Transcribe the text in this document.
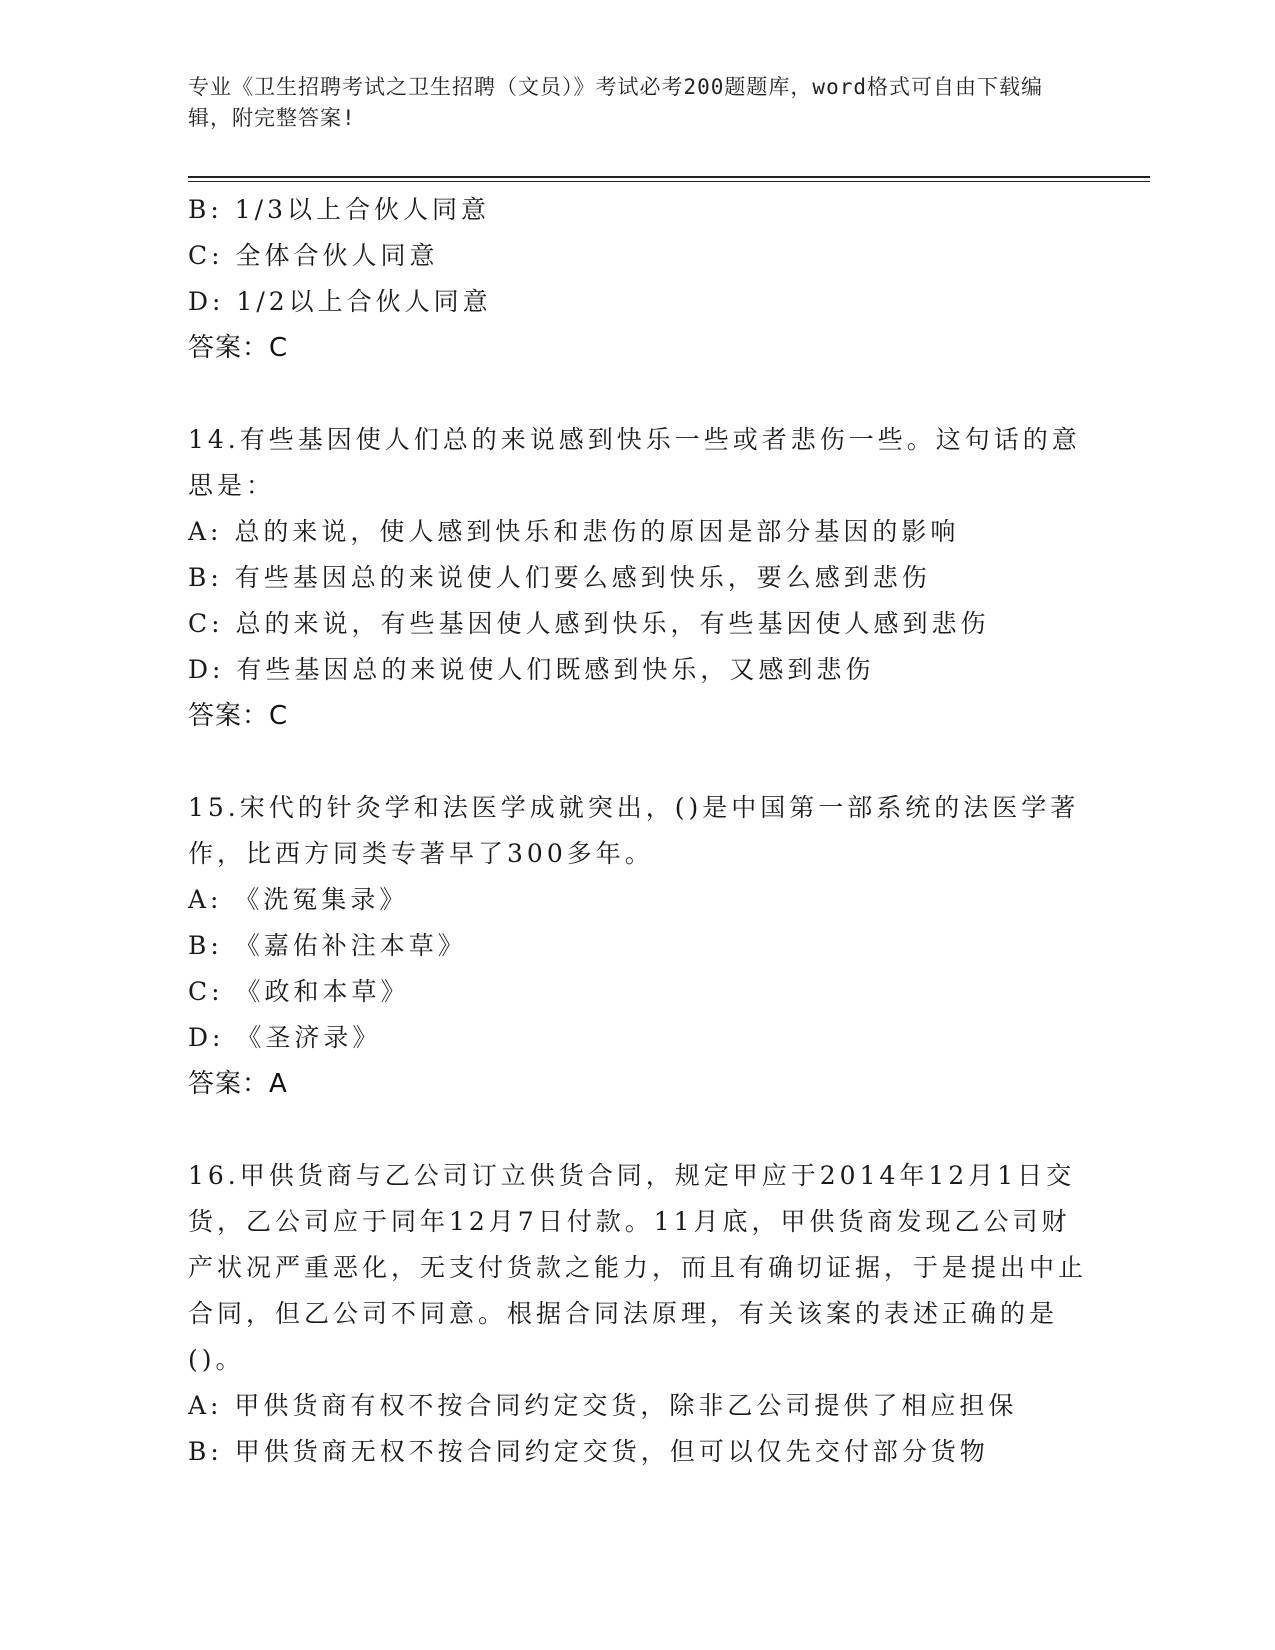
专业《卫生招聘考试之卫生招聘（文员）》考试必考200题题库，word格式可自由下载编辑，附完整答案!
B: 1/3以上合伙人同意
C: 全体合伙人同意
D: 1/2以上合伙人同意
答案：C
14.有些基因使人们总的来说感到快乐一些或者悲伤一些。这句话的意思是：
A: 总的来说，使人感到快乐和悲伤的原因是部分基因的影响
B: 有些基因总的来说使人们要么感到快乐，要么感到悲伤
C: 总的来说，有些基因使人感到快乐，有些基因使人感到悲伤
D: 有些基因总的来说使人们既感到快乐，又感到悲伤
答案：C
15.宋代的针灸学和法医学成就突出，()是中国第一部系统的法医学著作，比西方同类专著早了300多年。
A: 《洗冤集录》
B: 《嘉佑补注本草》
C: 《政和本草》
D: 《圣济录》
答案：A
16.甲供货商与乙公司订立供货合同，规定甲应于2014年12月1日交货，乙公司应于同年12月7日付款。11月底，甲供货商发现乙公司财产状况严重恶化，无支付货款之能力，而且有确切证据，于是提出中止合同，但乙公司不同意。根据合同法原理，有关该案的表述正确的是()。
A: 甲供货商有权不按合同约定交货，除非乙公司提供了相应担保
B: 甲供货商无权不按合同约定交货，但可以仅先交付部分货物
